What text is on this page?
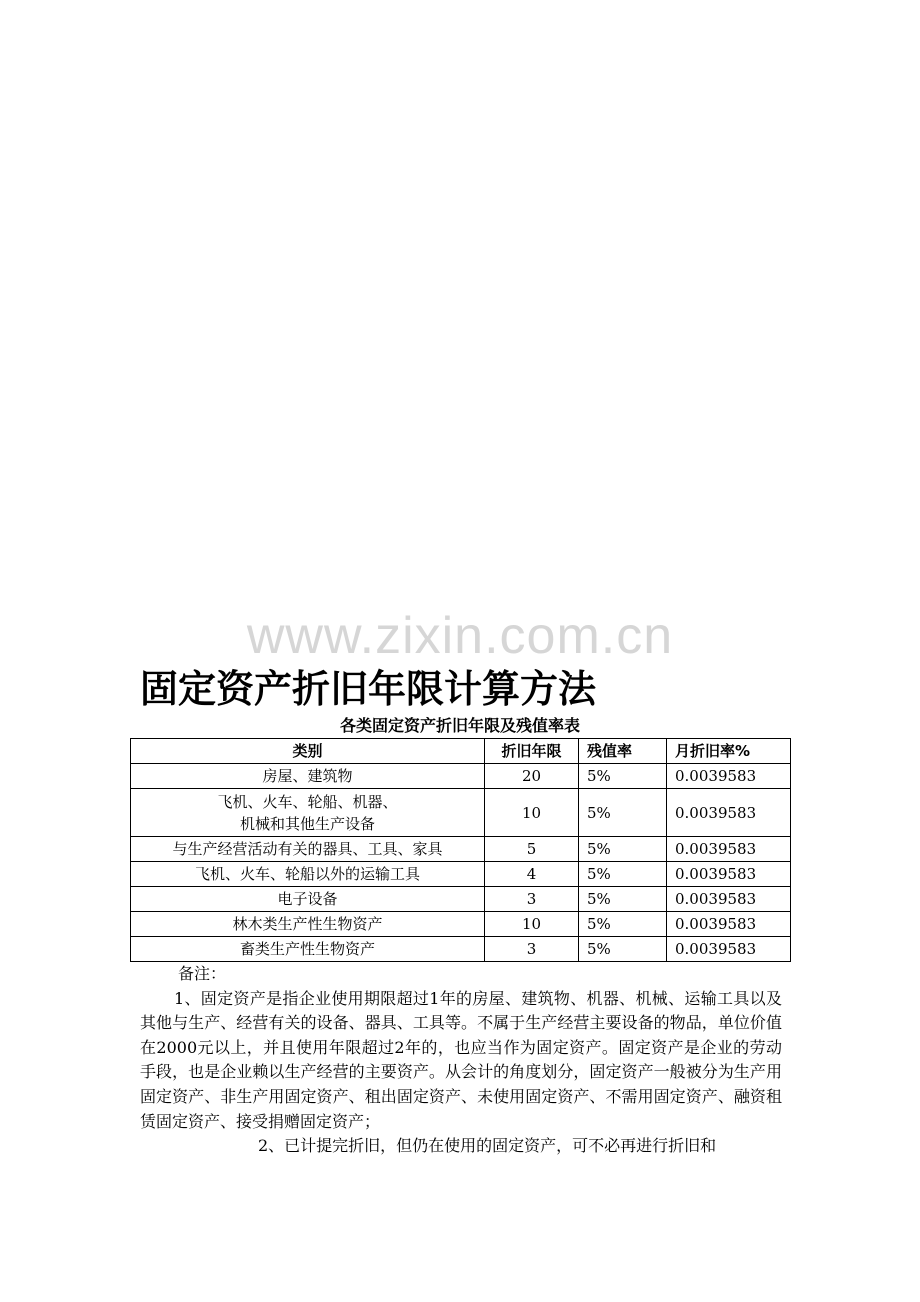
www.zixin.com.cn
固定资产折旧年限计算方法
各类固定资产折旧年限及残值率表
类别	折旧年限	残值率	月折旧率%

房屋、建筑物	20	5%	0.0039583

飞机、火车、轮船、机器、
机械和其他生产设备	10	5%	0.0039583

与生产经营活动有关的器具、工具、家具	5	5%	0.0039583

飞机、火车、轮船以外的运输工具	4	5%	0.0039583

电子设备	3	5%	0.0039583

林木类生产性生物资产	10	5%	0.0039583

畜类生产性生物资产	3	5%	0.0039583

备注：

1、固定资产是指企业使用期限超过1年的房屋、建筑物、机器、机械、运输工具以及其他与生产、经营有关的设备、器具、工具等。不属于生产经营主要设备的物品，单位价值在2000元以上，并且使用年限超过2年的，也应当作为固定资产。固定资产是企业的劳动手段，也是企业赖以生产经营的主要资产。从会计的角度划分，固定资产一般被分为生产用固定资产、非生产用固定资产、租出固定资产、未使用固定资产、不需用固定资产、融资租赁固定资产、接受捐赠固定资产；

2、已计提完折旧，但仍在使用的固定资产，可不必再进行折旧和
